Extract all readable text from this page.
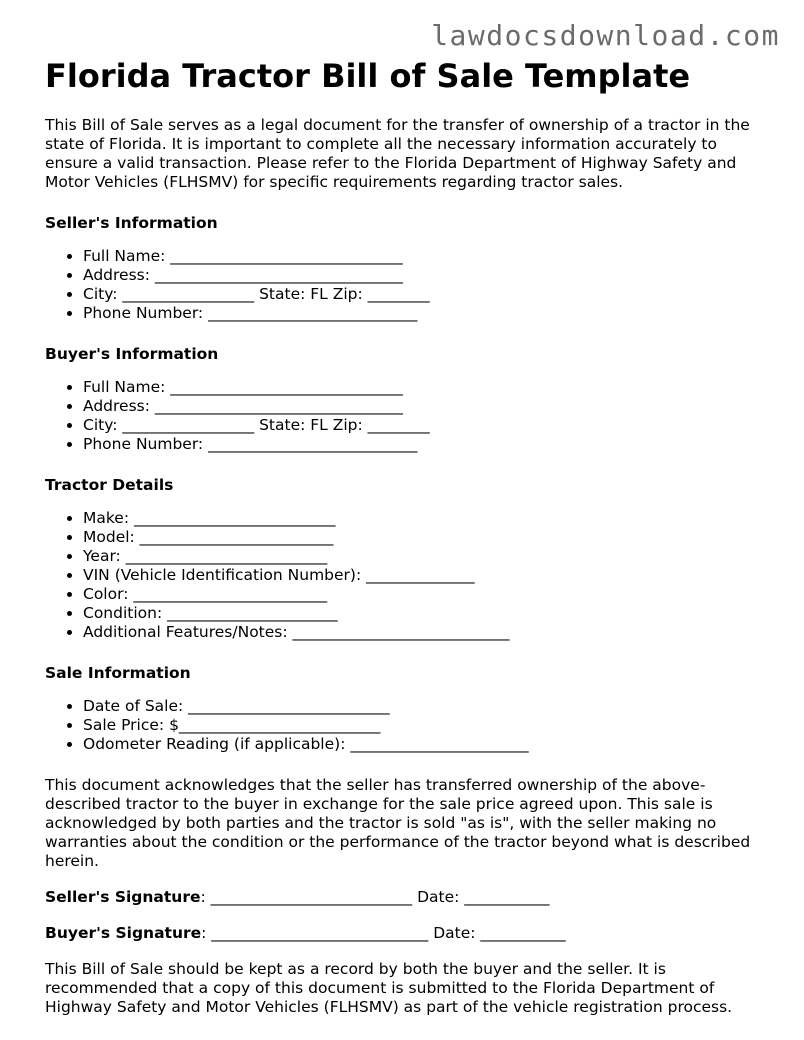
lawdocsdownload.com

Florida Tractor Bill of Sale Template

This Bill of Sale serves as a legal document for the transfer of ownership of a tractor in the state of Florida. It is important to complete all the necessary information accurately to ensure a valid transaction. Please refer to the Florida Department of Highway Safety and Motor Vehicles (FLHSMV) for specific requirements regarding tractor sales.

Seller's Information
• Full Name: ______________________________
• Address: ________________________________
• City: _________________ State: FL Zip: ________
• Phone Number: ___________________________
Buyer's Information
• Full Name: ______________________________
• Address: ________________________________
• City: _________________ State: FL Zip: ________
• Phone Number: ___________________________
Tractor Details
• Make: __________________________
• Model: _________________________
• Year: __________________________
• VIN (Vehicle Identification Number): ______________
• Color: _________________________
• Condition: ______________________
• Additional Features/Notes: ____________________________
Sale Information
• Date of Sale: __________________________
• Sale Price: $__________________________
• Odometer Reading (if applicable): _______________________

This document acknowledges that the seller has transferred ownership of the above-described tractor to the buyer in exchange for the sale price agreed upon. This sale is acknowledged by both parties and the tractor is sold "as is", with the seller making no warranties about the condition or the performance of the tractor beyond what is described herein.

Seller's Signature: __________________________ Date: ___________
Buyer's Signature: ____________________________ Date: ___________

This Bill of Sale should be kept as a record by both the buyer and the seller. It is recommended that a copy of this document is submitted to the Florida Department of Highway Safety and Motor Vehicles (FLHSMV) as part of the vehicle registration process.
